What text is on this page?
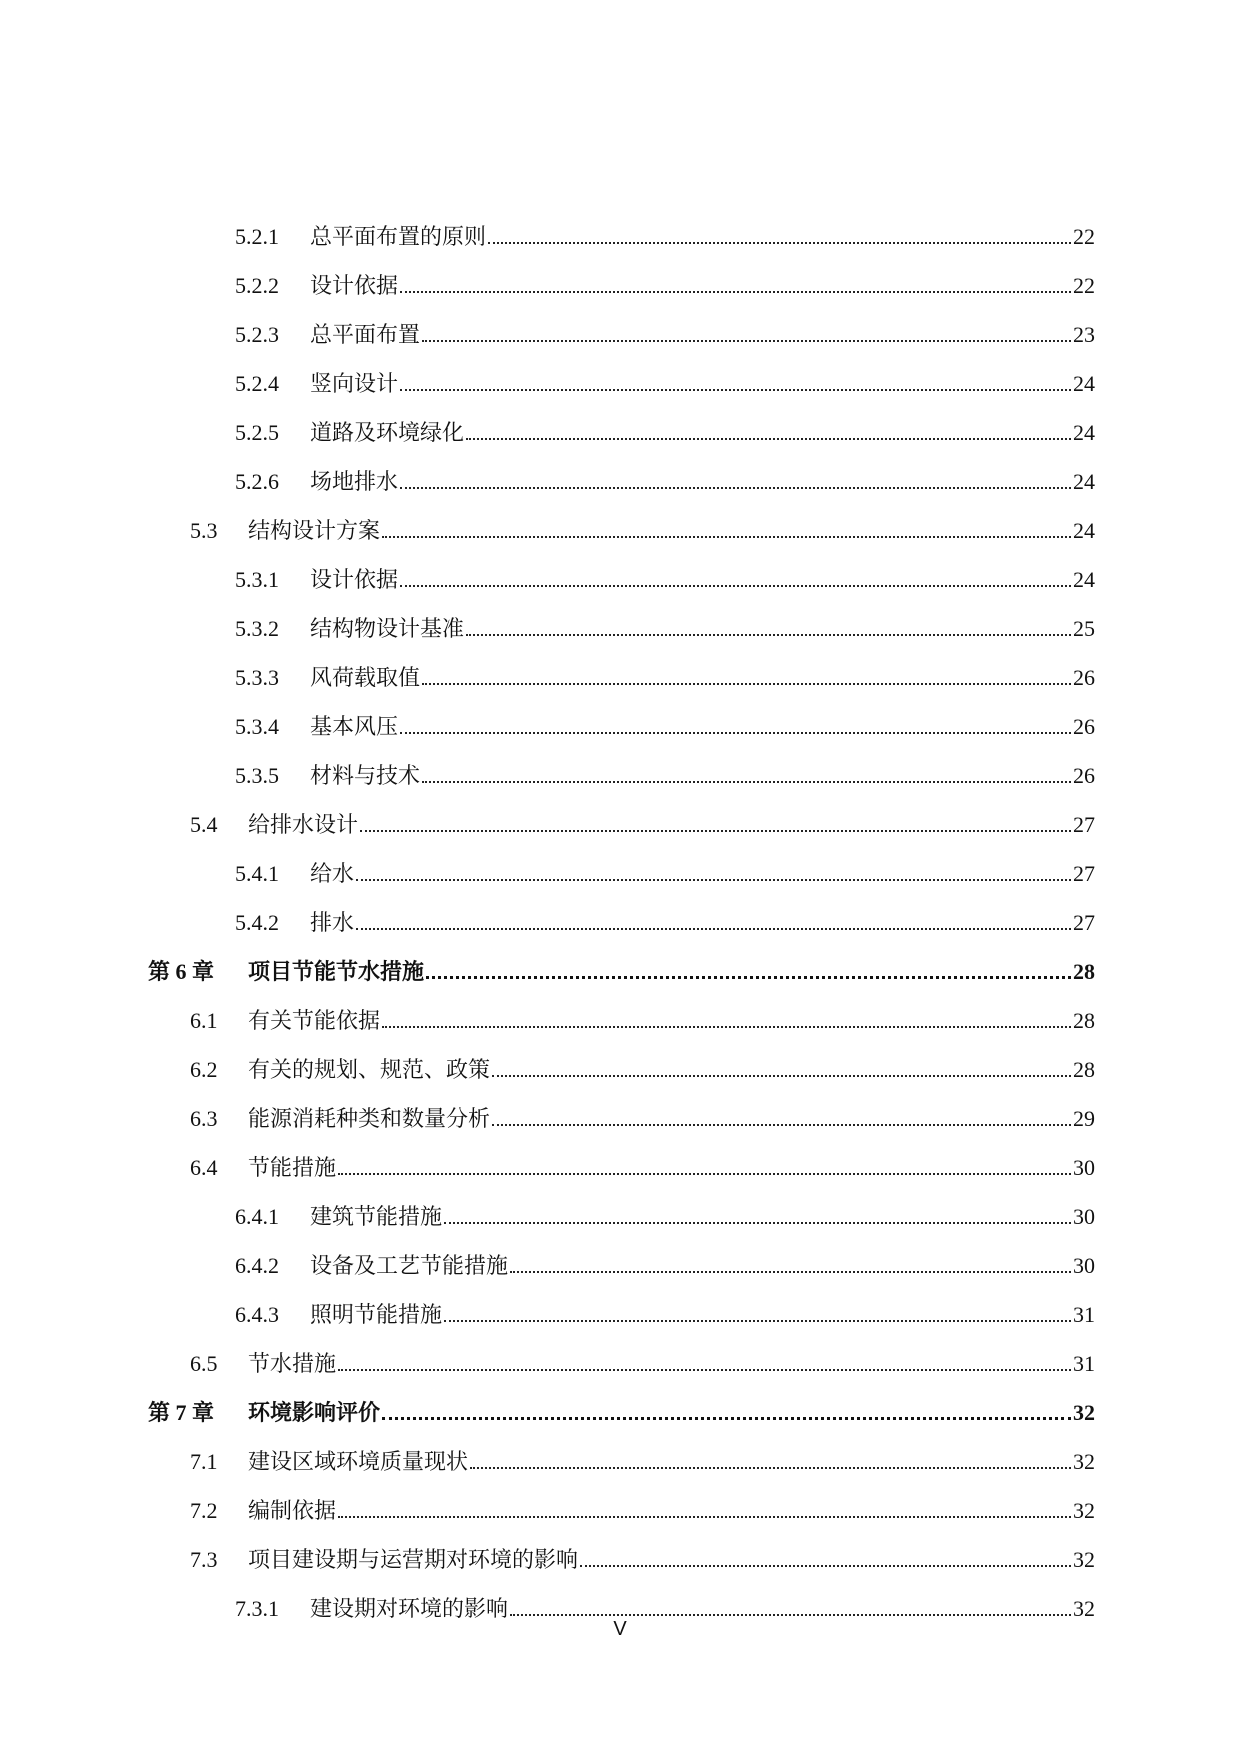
5.2.1	总平面布置的原则	22
5.2.2	设计依据	22
5.2.3	总平面布置	23
5.2.4	竖向设计	24
5.2.5	道路及环境绿化	24
5.2.6	场地排水	24
5.3	结构设计方案	24
5.3.1	设计依据	24
5.3.2	结构物设计基准	25
5.3.3	风荷载取值	26
5.3.4	基本风压	26
5.3.5	材料与技术	26
5.4	给排水设计	27
5.4.1	给水	27
5.4.2	排水	27
第 6 章	项目节能节水措施	28
6.1	有关节能依据	28
6.2	有关的规划、规范、政策	28
6.3	能源消耗种类和数量分析	29
6.4	节能措施	30
6.4.1	建筑节能措施	30
6.4.2	设备及工艺节能措施	30
6.4.3	照明节能措施	31
6.5	节水措施	31
第 7 章	环境影响评价	32
7.1	建设区域环境质量现状	32
7.2	编制依据	32
7.3	项目建设期与运营期对环境的影响	32
7.3.1	建设期对环境的影响	32
V
